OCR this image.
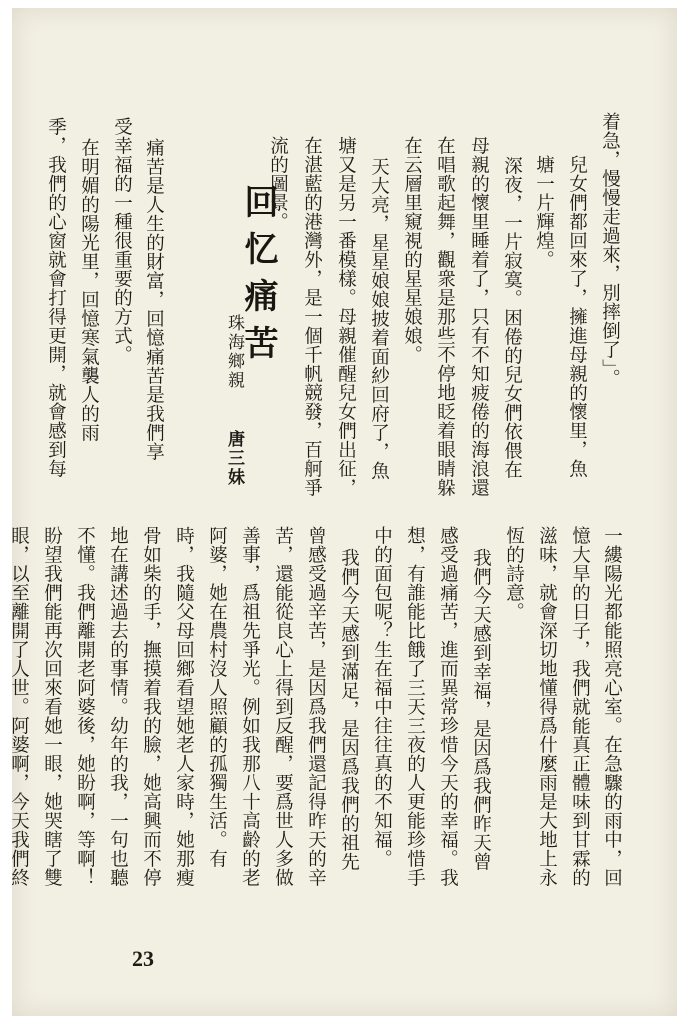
着急，慢慢走過來，別摔倒了」。
兒女們都回來了，擁進母親的懷里，魚
塘一片輝煌。
深夜，一片寂寞。困倦的兒女們依偎在
母親的懷里睡着了，只有不知疲倦的海浪還
在唱歌起舞，觀衆是那些不停地眨着眼睛躲
在云層里窺視的星星娘娘。
天大亮，星星娘娘披着面紗回府了，魚
塘又是另一番模樣。母親催醒兒女們出征，
在湛藍的港灣外，是一個千帆競發，百舸爭
流的圖景。
回忆痛苦
珠海鄉親 唐三妹
痛苦是人生的財富，回憶痛苦是我們享
受幸福的一種很重要的方式。
在明媚的陽光里，回憶寒氣襲人的雨
季，我們的心窗就會打得更開，就會感到每
一縷陽光都能照亮心室。在急驟的雨中，回
憶大旱的日子，我們就能真正體味到甘霖的
滋味，就會深切地懂得爲什麼雨是大地上永
恆的詩意。
我們今天感到幸福，是因爲我們昨天曾
感受過痛苦，進而異常珍惜今天的幸福。我
想，有誰能比餓了三天三夜的人更能珍惜手
中的面包呢？生在福中往往真的不知福。
我們今天感到滿足，是因爲我們的祖先
曾感受過辛苦，是因爲我們還記得昨天的辛
苦，還能從良心上得到反醒，要爲世人多做
善事，爲祖先爭光。例如我那八十高齡的老
阿婆，她在農村沒人照顧的孤獨生活。有
時，我隨父母回鄉看望她老人家時，她那瘦
骨如柴的手，撫摸着我的臉，她高興而不停
地在講述過去的事情。幼年的我，一句也聽
不懂。我們離開老阿婆後，她盼啊，等啊！
盼望我們能再次回來看她一眼，她哭瞎了雙
眼，以至離開了人世。阿婆啊，今天我們終
23
